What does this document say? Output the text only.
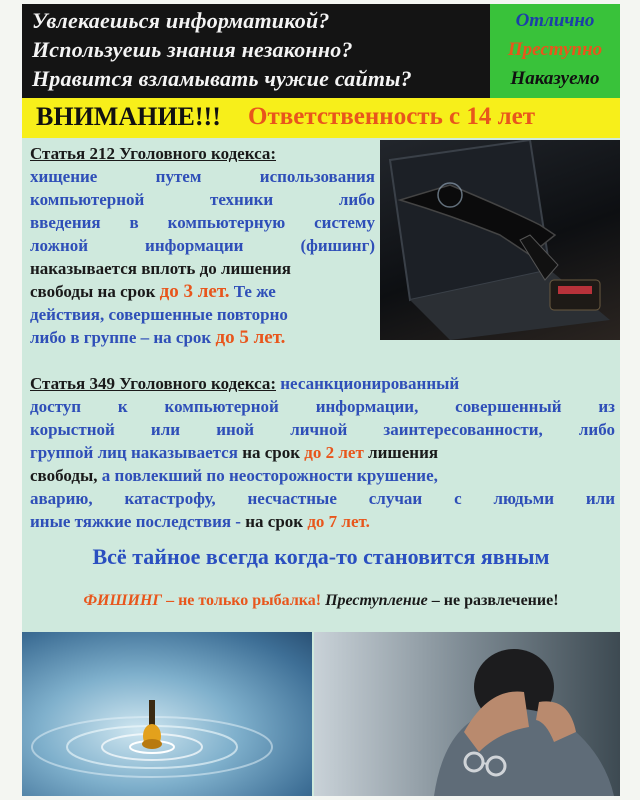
Увлекаешься информатикой?
Используешь знания незаконно?
Нравится взламывать чужие сайты?
Отлично
Преступно
Наказуемо
ВНИМАНИЕ!!! Ответственность с 14 лет
Статья 212 Уголовного кодекса:
хищение путем использования
компьютерной техники либо
введения в компьютерную систему
ложной информации (фишинг)
наказывается вплоть до лишения
свободы на срок до 3 лет. Те же
действия, совершенные повторно
либо в группе – на срок до 5 лет.
Статья 349 Уголовного кодекса: несанкционированный
доступ к компьютерной информации, совершенный из
корыстной или иной личной заинтересованности, либо
группой лиц наказывается на срок до 2 лет лишения
свободы, а повлекший по неосторожности крушение,
аварию, катастрофу, несчастные случаи с людьми или
иные тяжкие последствия - на срок до 7 лет.
Всё тайное всегда когда-то становится явным
ФИШИНГ – не только рыбалка! Преступление – не развлечение!
